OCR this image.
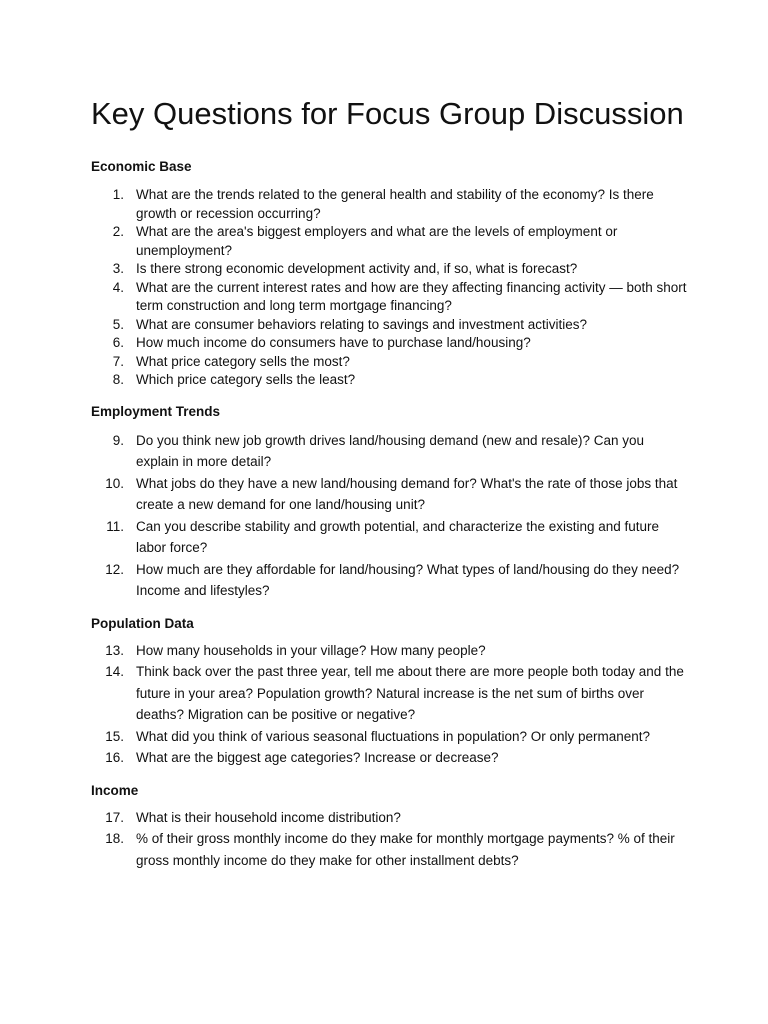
Key Questions for Focus Group Discussion
Economic Base
1. What are the trends related to the general health and stability of the economy? Is there growth or recession occurring?
2. What are the area's biggest employers and what are the levels of employment or unemployment?
3. Is there strong economic development activity and, if so, what is forecast?
4. What are the current interest rates and how are they affecting financing activity — both short term construction and long term mortgage financing?
5. What are consumer behaviors relating to savings and investment activities?
6. How much income do consumers have to purchase land/housing?
7. What price category sells the most?
8. Which price category sells the least?
Employment Trends
9. Do you think new job growth drives land/housing demand (new and resale)? Can you explain in more detail?
10. What jobs do they have a new land/housing demand for? What's the rate of those jobs that create a new demand for one land/housing unit?
11. Can you describe stability and growth potential, and characterize the existing and future labor force?
12. How much are they affordable for land/housing? What types of land/housing do they need? Income and lifestyles?
Population Data
13. How many households in your village? How many people?
14. Think back over the past three year, tell me about there are more people both today and the future in your area? Population growth? Natural increase is the net sum of births over deaths? Migration can be positive or negative?
15. What did you think of various seasonal fluctuations in population? Or only permanent?
16. What are the biggest age categories? Increase or decrease?
Income
17. What is their household income distribution?
18. % of their gross monthly income do they make for monthly mortgage payments? % of their gross monthly income do they make for other installment debts?
